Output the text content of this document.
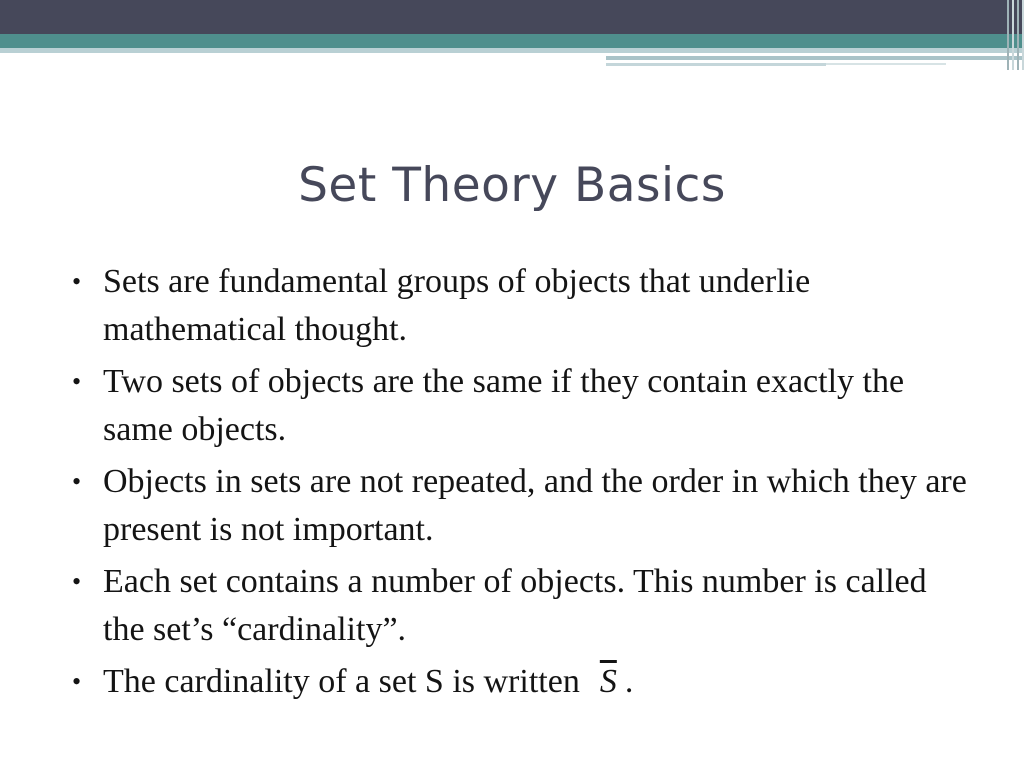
Set Theory Basics
• Sets are fundamental groups of objects that underlie mathematical thought.
• Two sets of objects are the same if they contain exactly the same objects.
• Objects in sets are not repeated, and the order in which they are present is not important.
• Each set contains a number of objects. This number is called the set’s “cardinality”.
• The cardinality of a set S is written $\overline{S}$ .
